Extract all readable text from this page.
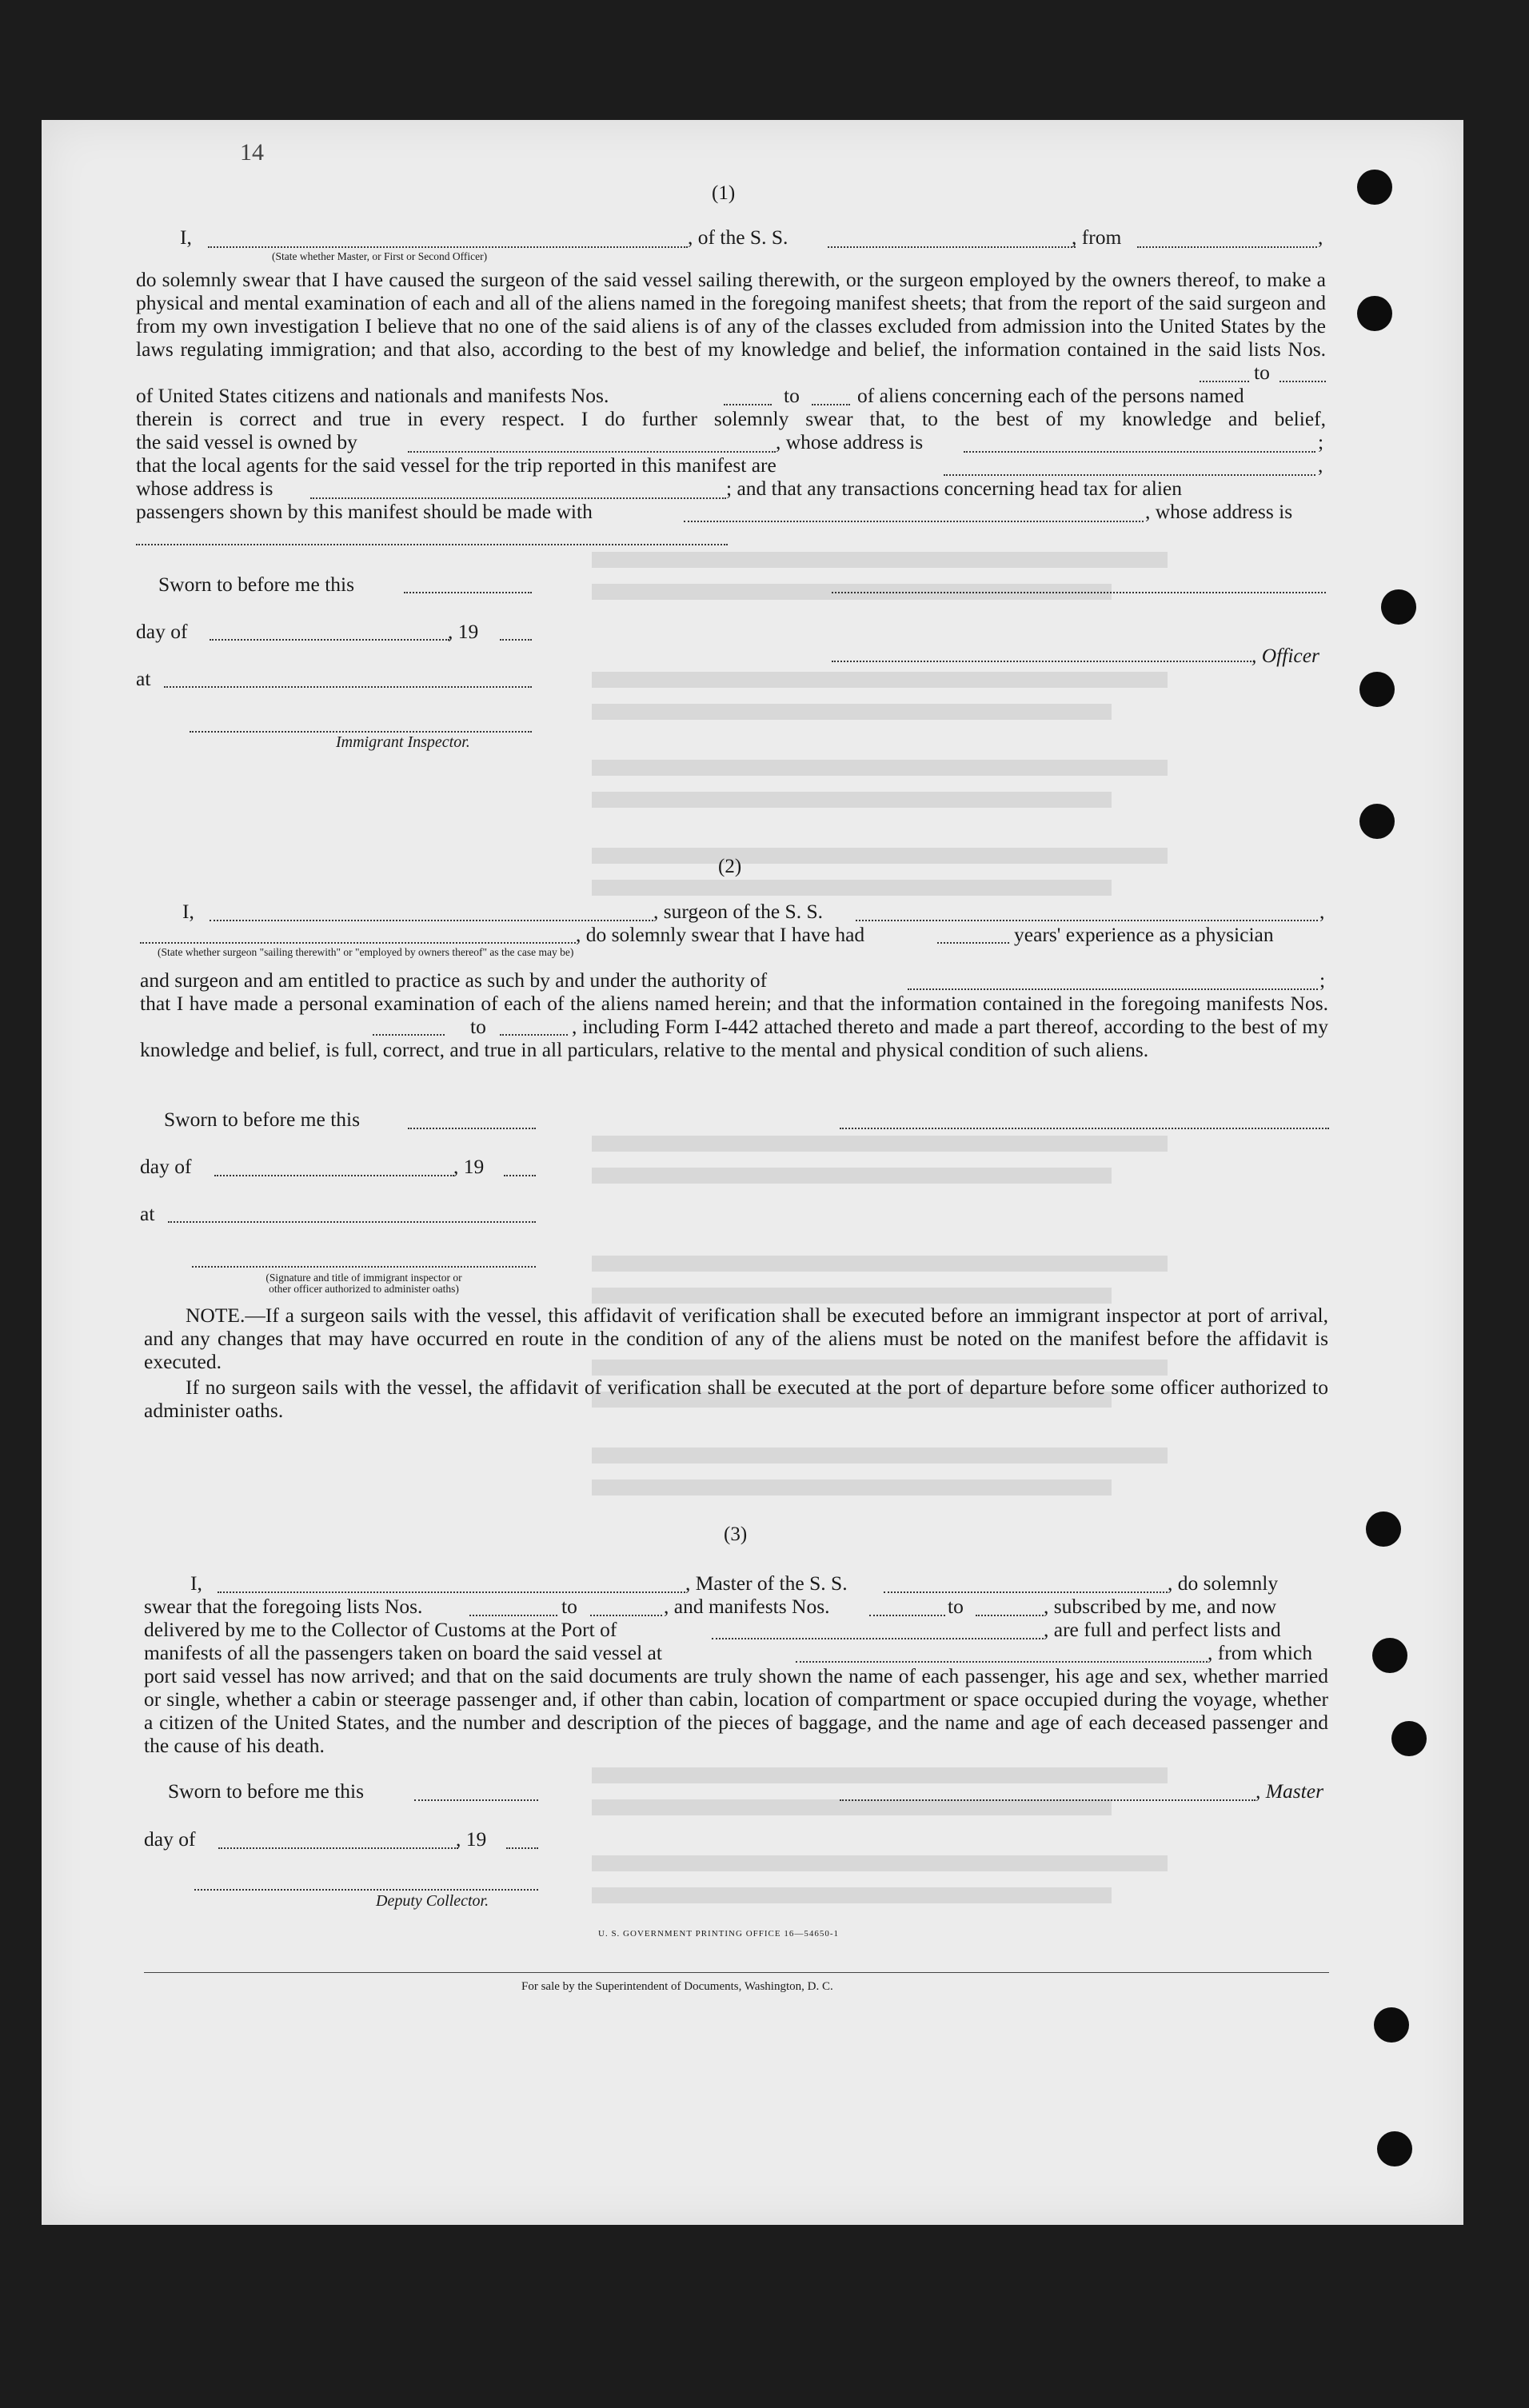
14
(1)
I,
(State whether Master, or First or Second Officer)
, of the S. S.	, from	,
do solemnly swear that I have caused the surgeon of the said vessel sailing therewith, or the surgeon employed by the owners thereof, to make a physical and mental examination of each and all of the aliens named in the foregoing manifest sheets; that from the report of the said surgeon and from my own investigation I believe that no one of the said aliens is of any of the classes excluded from admission into the United States by the laws regulating immigration; and that also, according to the best of my knowledge and belief, the information contained in the said lists Nos.
to
of United States citizens and nationals and manifests Nos.	to	of aliens concerning each of the persons named
therein is correct and true in every respect. I do further solemnly swear that, to the best of my knowledge and belief,
the said vessel is owned by	, whose address is	;
that the local agents for the said vessel for the trip reported in this manifest are	,
whose address is	; and that any transactions concerning head tax for alien
passengers shown by this manifest should be made with	, whose address is
Sworn to before me this
day of	, 19
, Officer
at
Immigrant Inspector.
(2)
I,	, surgeon of the S. S.	,
, do solemnly swear that I have had	years' experience as a physician
(State whether surgeon "sailing therewith" or "employed by owners thereof" as the case may be)
and surgeon and am entitled to practice as such by and under the authority of	;
that I have made a personal examination of each of the aliens named herein; and that the information contained in the foregoing manifests Nos.
to	, including Form I-442 attached thereto and made a part thereof, according to the best of my knowledge and belief, is full, correct, and true in all particulars, relative to the mental and physical condition of such aliens.
Sworn to before me this
day of	, 19
at
(Signature and title of immigrant inspector or
other officer authorized to administer oaths)
NOTE.—If a surgeon sails with the vessel, this affidavit of verification shall be executed before an immigrant inspector at port of arrival, and any changes that may have occurred en route in the condition of any of the aliens must be noted on the manifest before the affidavit is executed.
If no surgeon sails with the vessel, the affidavit of verification shall be executed at the port of departure before some officer authorized to administer oaths.
(3)
I,	, Master of the S. S.	, do solemnly
swear that the foregoing lists Nos.	to	, and manifests Nos.	to	, subscribed by me, and now
delivered by me to the Collector of Customs at the Port of	, are full and perfect lists and
manifests of all the passengers taken on board the said vessel at	, from which
port said vessel has now arrived; and that on the said documents are truly shown the name of each passenger, his age and sex, whether married or single, whether a cabin or steerage passenger and, if other than cabin, location of compartment or space occupied during the voyage, whether a citizen of the United States, and the number and description of the pieces of baggage, and the name and age of each deceased passenger and the cause of his death.
Sworn to before me this	, Master
day of	, 19
Deputy Collector.
U. S. GOVERNMENT PRINTING OFFICE 16—54650-1
For sale by the Superintendent of Documents, Washington, D. C.
